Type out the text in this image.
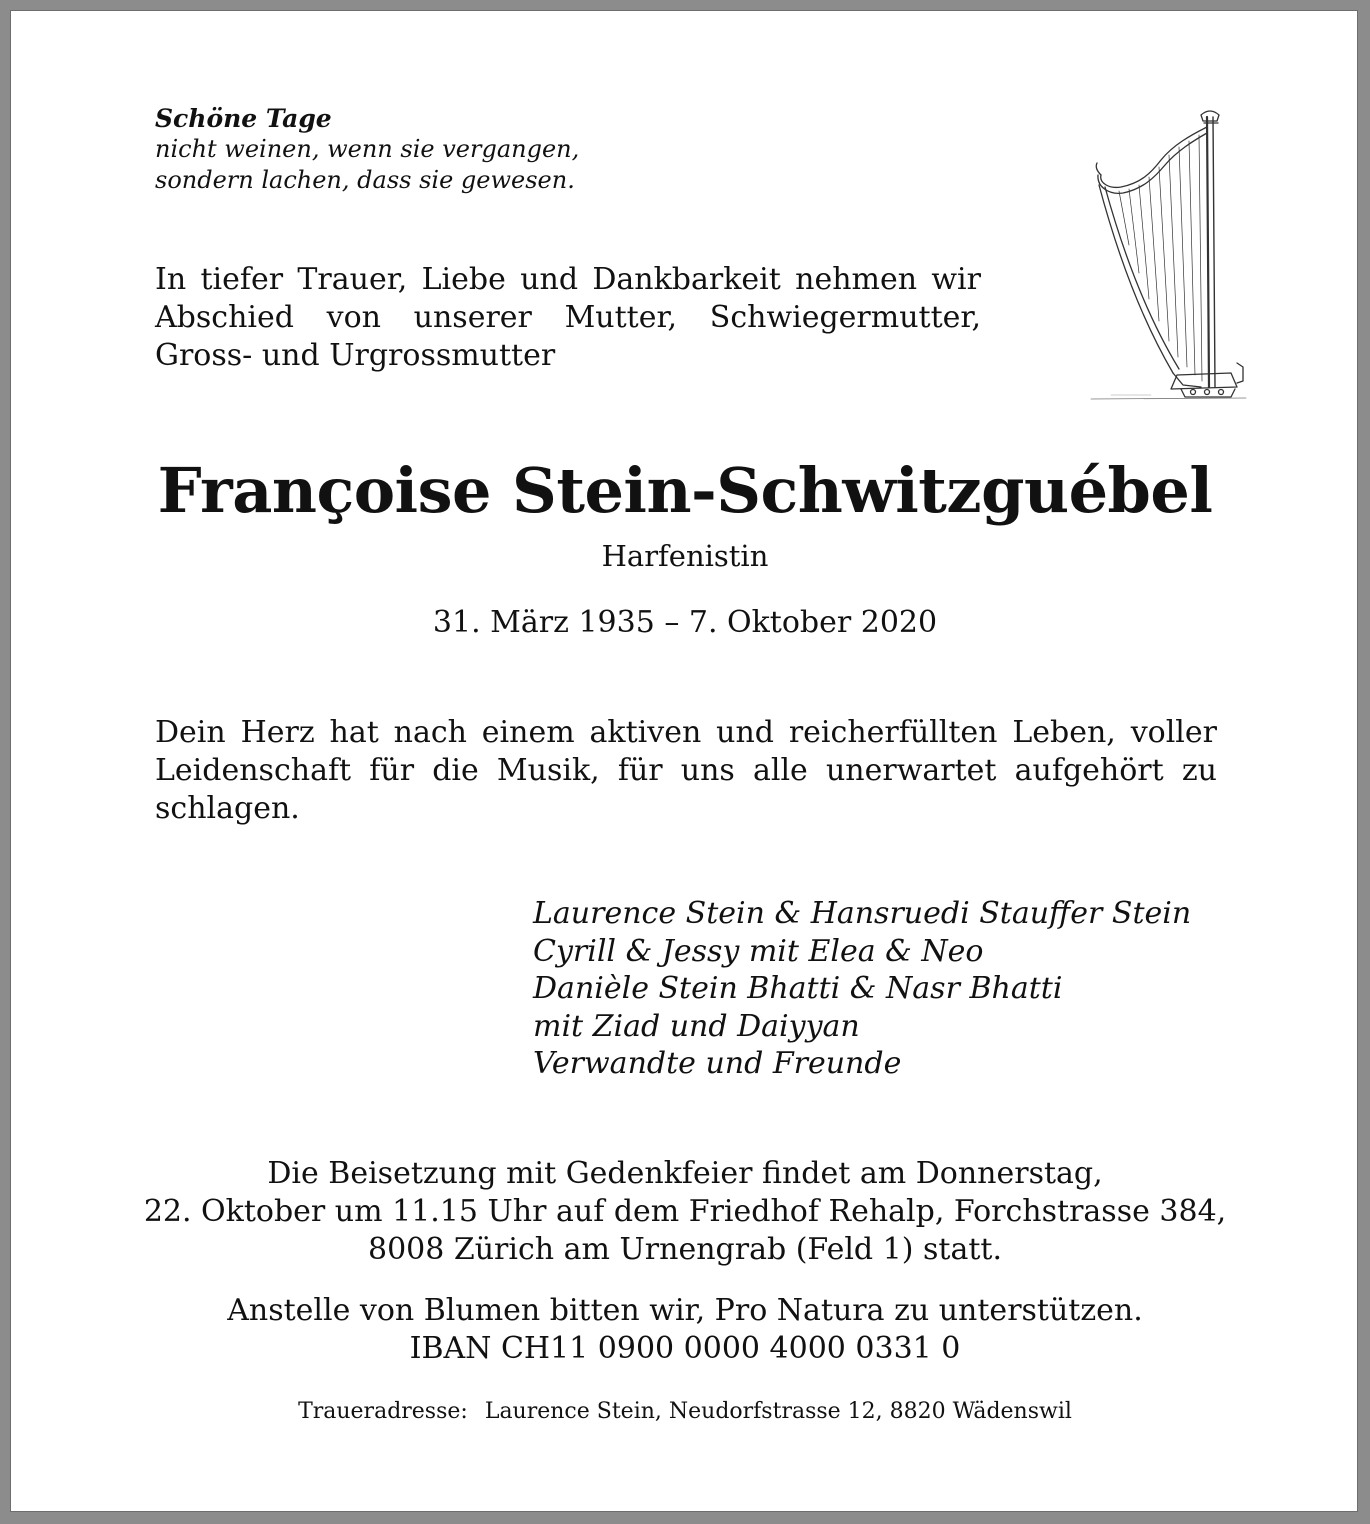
Schöne Tage
nicht weinen, wenn sie vergangen,
sondern lachen, dass sie gewesen.
In tiefer Trauer, Liebe und Dankbarkeit nehmen wir
Abschied von unserer Mutter, Schwiegermutter,
Gross- und Urgrossmutter
Françoise Stein-Schwitzguébel
Harfenistin
31. März 1935 – 7. Oktober 2020
Dein Herz hat nach einem aktiven und reicherfüllten Leben, voller
Leidenschaft für die Musik, für uns alle unerwartet aufgehört zu
schlagen.
Laurence Stein & Hansruedi Stauffer Stein
Cyrill & Jessy mit Elea & Neo
Danièle Stein Bhatti & Nasr Bhatti
mit Ziad und Daiyyan
Verwandte und Freunde
Die Beisetzung mit Gedenkfeier findet am Donnerstag,
22. Oktober um 11.15 Uhr auf dem Friedhof Rehalp, Forchstrasse 384,
8008 Zürich am Urnengrab (Feld 1) statt.
Anstelle von Blumen bitten wir, Pro Natura zu unterstützen.
IBAN CH11 0900 0000 4000 0331 0
Traueradresse: Laurence Stein, Neudorfstrasse 12, 8820 Wädenswil
